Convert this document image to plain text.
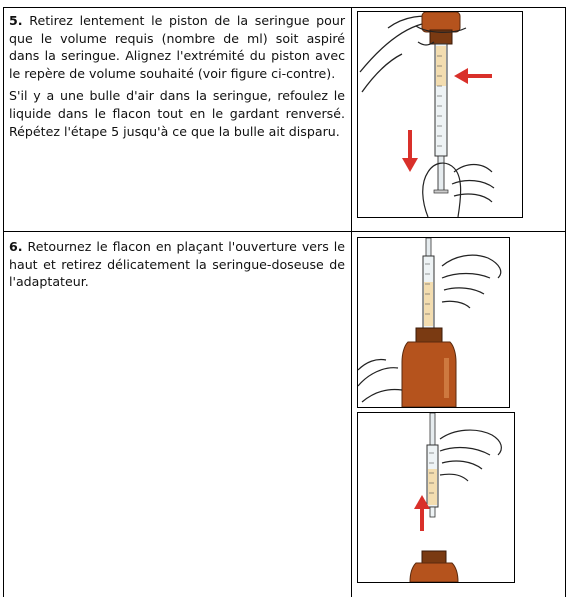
5. Retirez lentement le piston de la seringue pour que le volume requis (nombre de ml) soit aspiré dans la seringue. Alignez l'extrémité du piston avec le repère de volume souhaité (voir figure ci-contre).

S'il y a une bulle d'air dans la seringue, refoulez le liquide dans le flacon tout en le gardant renversé. Répétez l'étape 5 jusqu'à ce que la bulle ait disparu.

6. Retournez le flacon en plaçant l'ouverture vers le haut et retirez délicatement la seringue-doseuse de l'adaptateur.
